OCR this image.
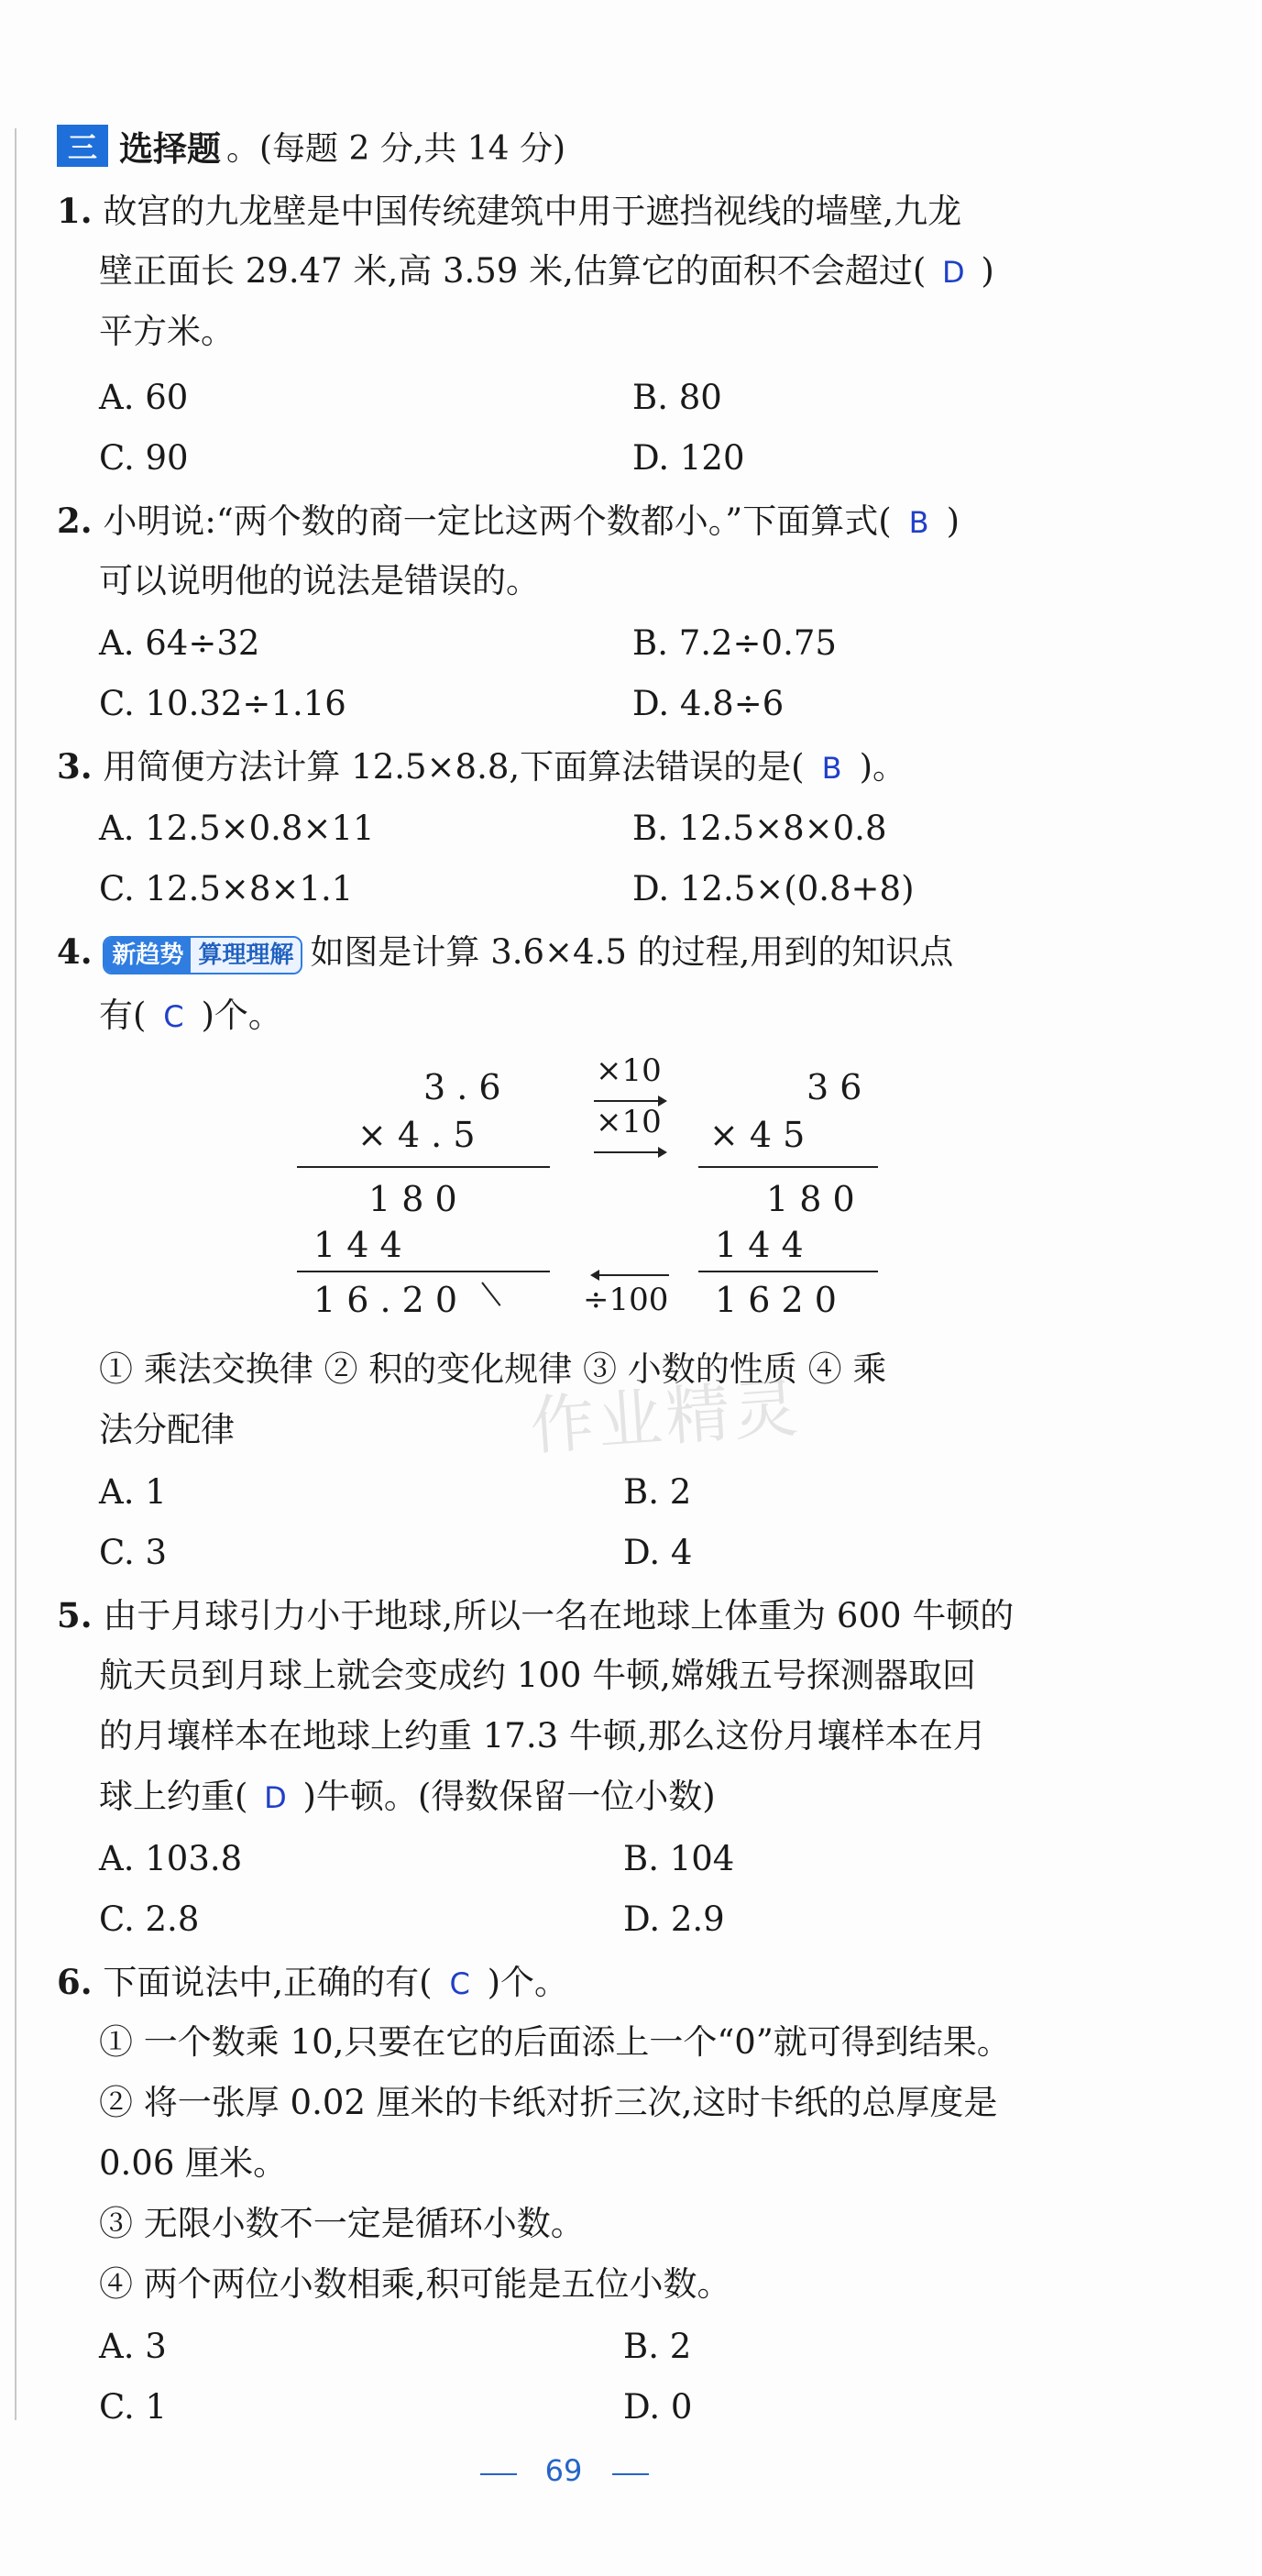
三 选择题 。(每题 2 分,共 14 分)
1. 故宫的九龙壁是中国传统建筑中用于遮挡视线的墙壁,九龙
壁正面长 29.47 米,高 3.59 米,估算它的面积不会超过( D )
平方米。
A. 60	B. 80
C. 90	D. 120
2. 小明说:“两个数的商一定比这两个数都小。”下面算式( B )
可以说明他的说法是错误的。
A. 64÷32	B. 7.2÷0.75
C. 10.32÷1.16	D. 4.8÷6
3. 用简便方法计算 12.5×8.8,下面算法错误的是( B )。
A. 12.5×0.8×11	B. 12.5×8×0.8
C. 12.5×8×1.1	D. 12.5×(0.8+8)
4. 新趋势 算理理解 如图是计算 3.6×4.5 的过程,用到的知识点
有( C )个。
3 . 6
× 4 . 5
1 8 0
1 4 4
1 6 . 2 0
×10
×10
÷100
3 6
× 4 5
1 8 0
1 4 4
1 6 2 0
① 乘法交换律 ② 积的变化规律 ③ 小数的性质 ④ 乘
法分配律
A. 1	B. 2
C. 3	D. 4
5. 由于月球引力小于地球,所以一名在地球上体重为 600 牛顿的
航天员到月球上就会变成约 100 牛顿,嫦娥五号探测器取回
的月壤样本在地球上约重 17.3 牛顿,那么这份月壤样本在月
球上约重( D )牛顿。(得数保留一位小数)
A. 103.8	B. 104
C. 2.8	D. 2.9
6. 下面说法中,正确的有( C )个。
① 一个数乘 10,只要在它的后面添上一个“0”就可得到结果。
② 将一张厚 0.02 厘米的卡纸对折三次,这时卡纸的总厚度是
0.06 厘米。
③ 无限小数不一定是循环小数。
④ 两个两位小数相乘,积可能是五位小数。
A. 3	B. 2
C. 1	D. 0
作业精灵
69
